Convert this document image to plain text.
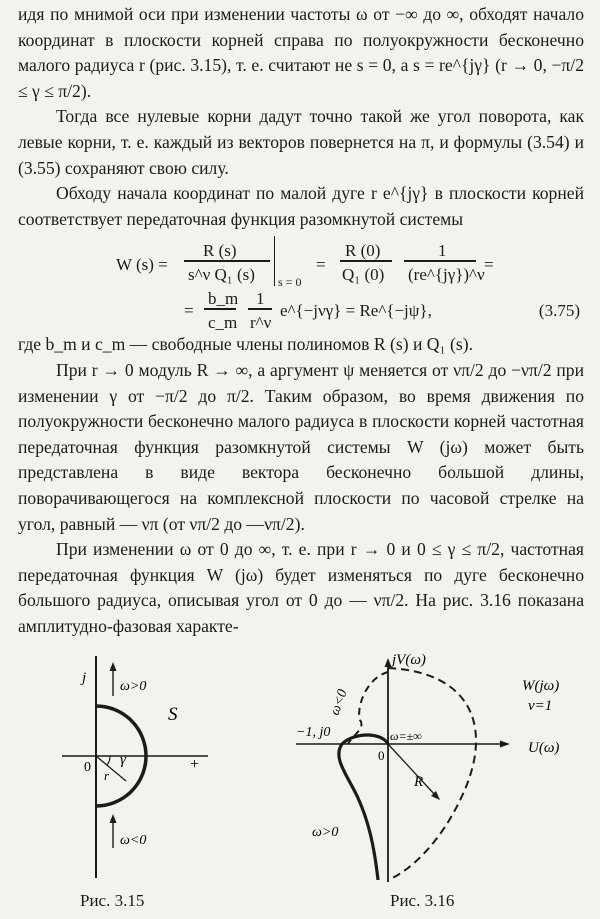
идя по мнимой оси при изменении частоты ω от −∞ до ∞, обходят начало координат в плоскости корней справа по полуокружности бесконечно малого радиуса r (рис. 3.15), т. е. считают не s = 0, а s = re^{jγ} (r → 0, −π/2 ≤ γ ≤ π/2).

Тогда все нулевые корни дадут точно такой же угол поворота, как левые корни, т. е. каждый из векторов повернется на π, и формулы (3.54) и (3.55) сохраняют свою силу.

Обходу начала координат по малой дуге r e^{jγ} в плоскости корней соответствует передаточная функция разомкнутой системы

W (s) =
R (s)
s^ν Q₁ (s) s = 0
=
R (0)
Q₁ (0)
1
(re^{jγ})^ν
=
=
b_m
c_m
1
r^ν
e^{−jνγ} = Re^{−jψ},	(3.75)

где b_m и c_m — свободные члены полиномов R (s) и Q₁ (s).

При r → 0 модуль R → ∞, а аргумент ψ меняется от νπ/2 до −νπ/2 при изменении γ от −π/2 до π/2. Таким образом, во время движения по полуокружности бесконечно малого радиуса в плоскости корней частотная передаточная функция разомкнутой системы W (jω) может быть представлена в виде вектора бесконечно большой длины, поворачивающегося на комплексной плоскости по часовой стрелке на угол, равный — νπ (от νπ/2 до —νπ/2).

При изменении ω от 0 до ∞, т. е. при r → 0 и 0 ≤ γ ≤ π/2, частотная передаточная функция W (jω) будет изменяться по дуге бесконечно большого радиуса, описывая угол от 0 до — νπ/2. На рис. 3.16 показана амплитудно-фазовая характе-

j
ω>0
ω<0
S
0
r
γ	+
Рис. 3.15
jV(ω)
U(ω)
W(jω)
ν=1
−1, j0
0
ω=±∞
ω<0
ω>0
R
Рис. 3.16
